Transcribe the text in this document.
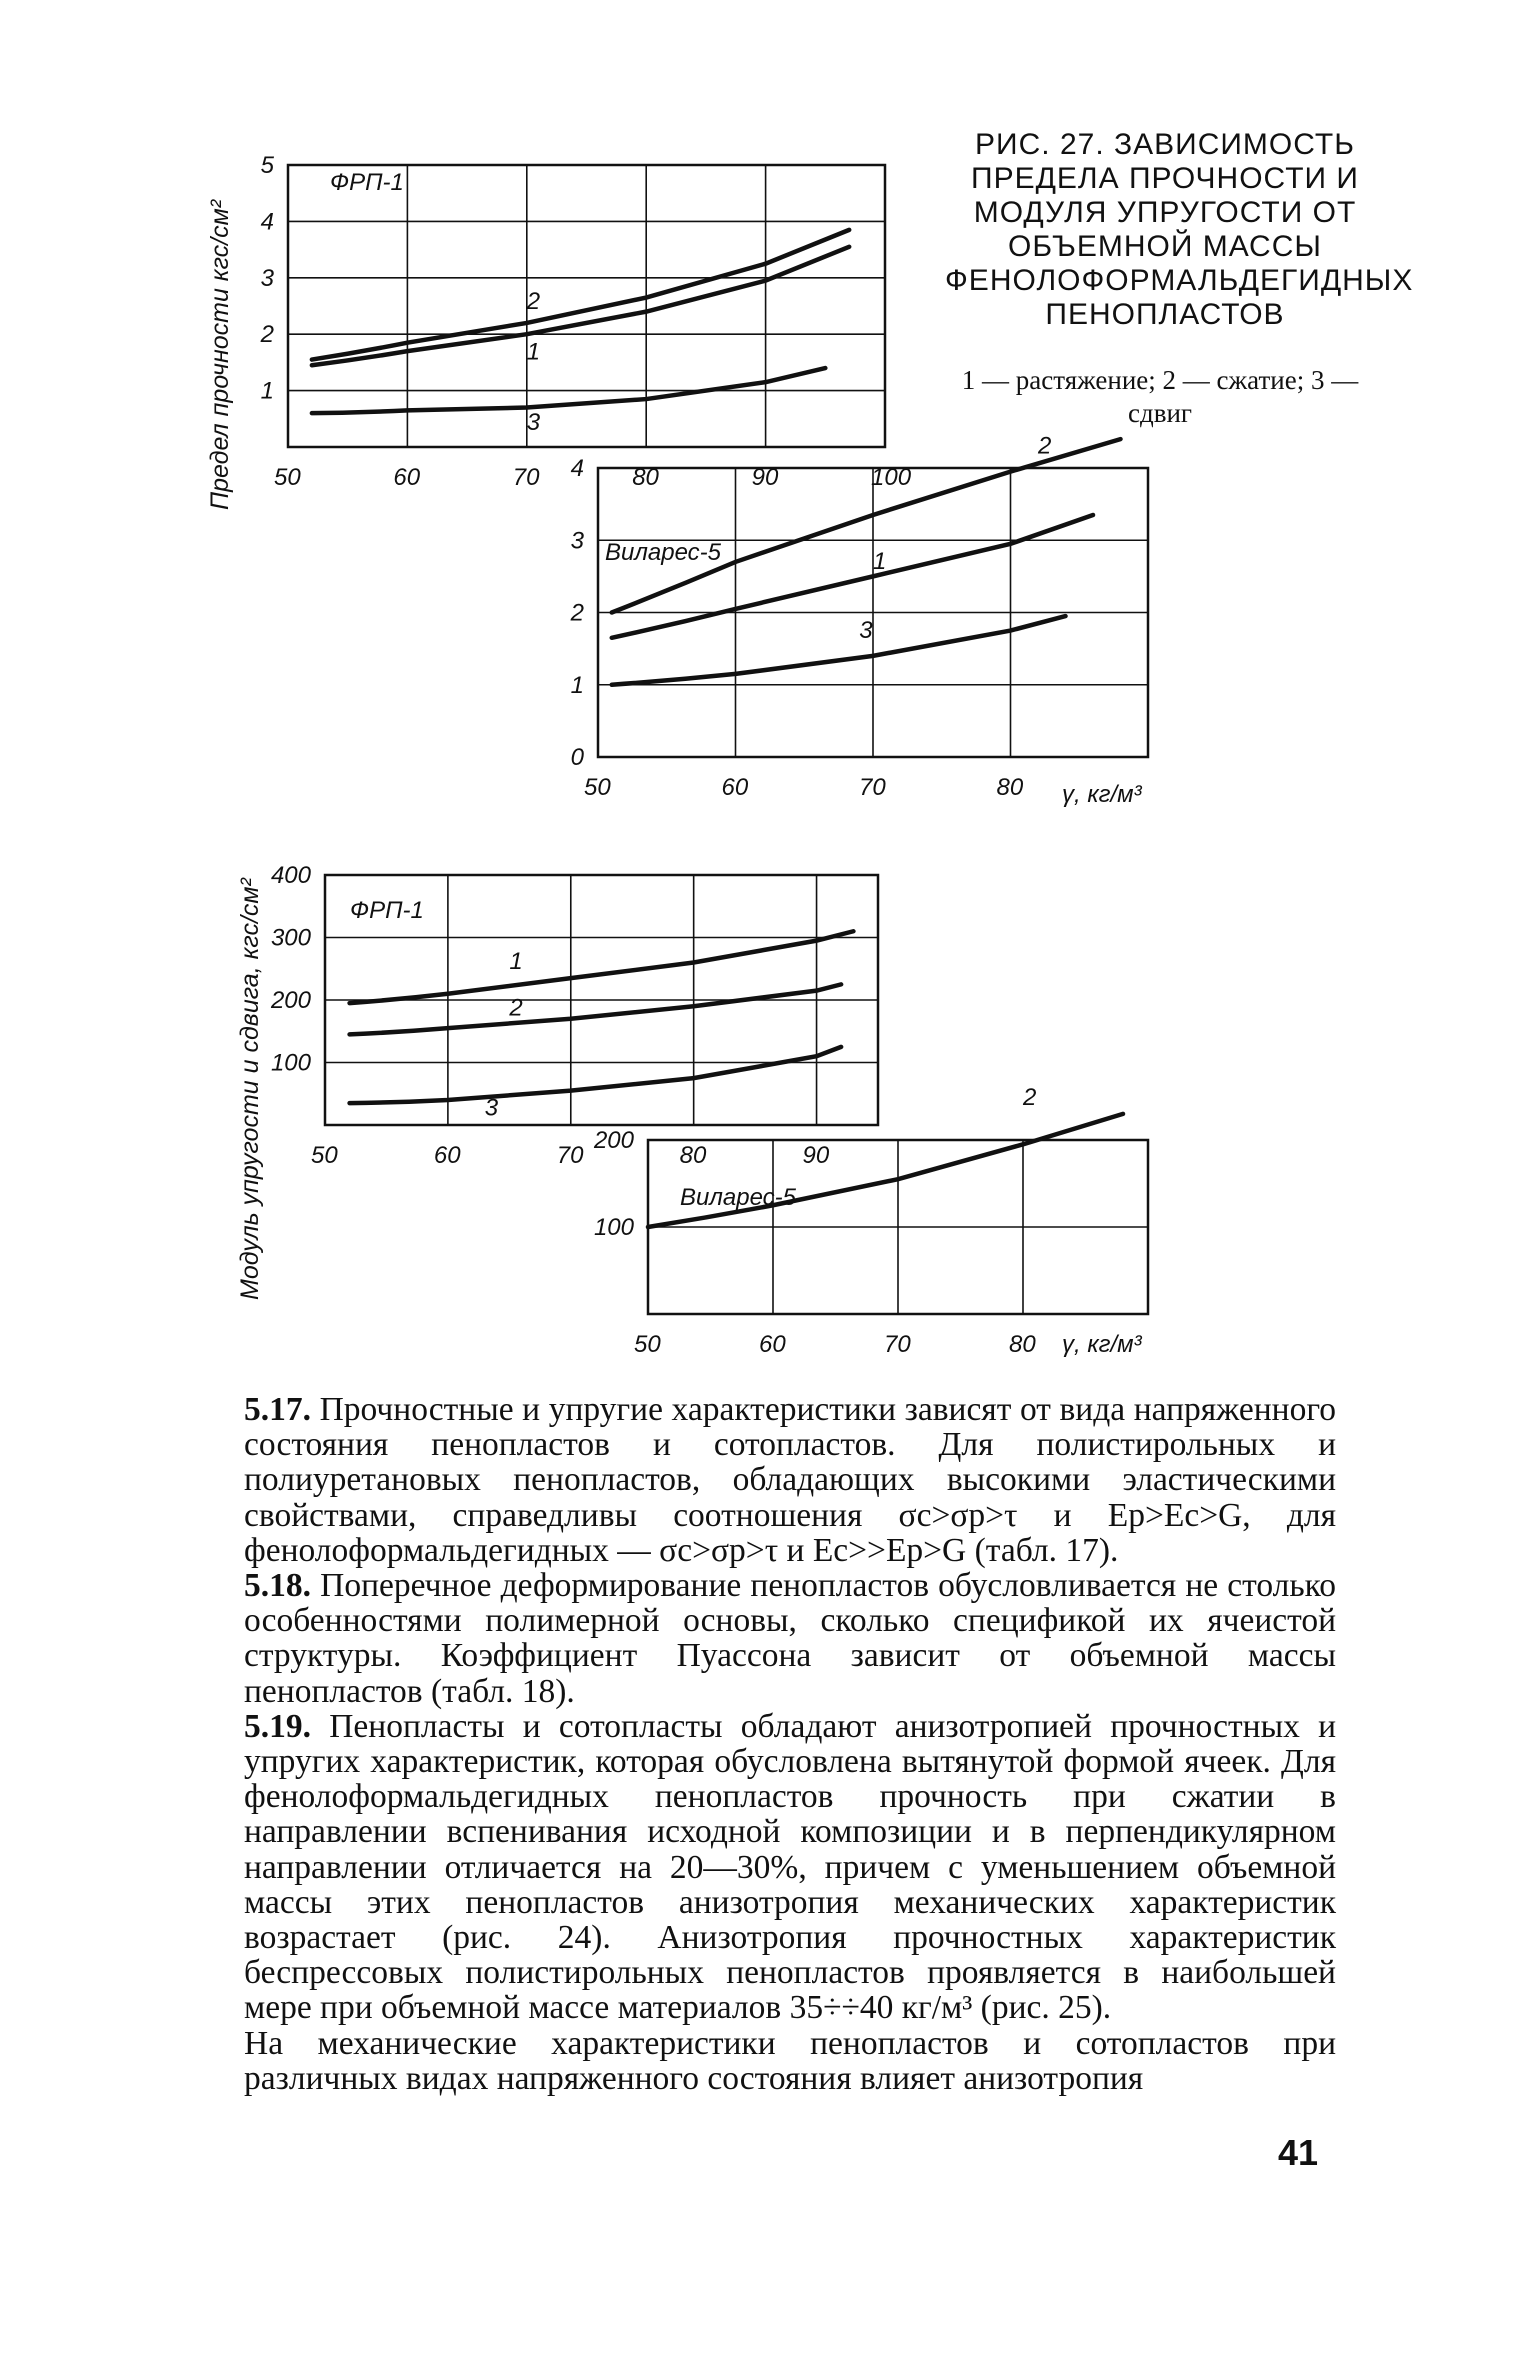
50	60	70	80	90	100
1
2
3
4
5
ФРП-1
1
2
3
50	60	70	80
0
1
2
3
4
Виларес-5
γ, кг/м³
2
1
3
50	60	70	80	90
100
200
300
400
ФРП-1
1
2
3
50	60	70	80
100
200
Виларес-5
γ, кг/м³
2
Предел прочности кгс/см²
Модуль упругости и сдвига, кгс/см²
РИС. 27. ЗАВИСИМОСТЬ ПРЕДЕЛА ПРОЧНОСТИ И МОДУЛЯ УПРУГОСТИ ОТ ОБЪЕМНОЙ МАССЫ ФЕНОЛОФОРМАЛЬДЕГИДНЫХ ПЕНОПЛАСТОВ
1 — растяжение; 2 — сжатие; 3 — сдвиг

5.17. Прочностные и упругие характеристики зависят от вида напряженного состояния пенопластов и сотопластов. Для полистирольных и полиуретановых пенопластов, обладающих высокими эластическими свойствами, справедливы соотношения σc>σp>τ и Ep>Ec>G, для фенолоформальдегидных — σc>σp>τ и Ec>>Ep>G (табл. 17).

5.18. Поперечное деформирование пенопластов обусловливается не столько особенностями полимерной основы, сколько спецификой их ячеистой структуры. Коэффициент Пуассона зависит от объемной массы пенопластов (табл. 18).

5.19. Пенопласты и сотопласты обладают анизотропией прочностных и упругих характеристик, которая обусловлена вытянутой формой ячеек. Для фенолоформальдегидных пенопластов прочность при сжатии в направлении вспенивания исходной композиции и в перпендикулярном направлении отличается на 20—30%, причем с уменьшением объемной массы этих пенопластов анизотропия механических характеристик возрастает (рис. 24). Анизотропия прочностных характеристик беспрессовых полистирольных пенопластов проявляется в наибольшей мере при объемной массе материалов 35÷÷40 кг/м³ (рис. 25).

На механические характеристики пенопластов и сотопластов при различных видах напряженного состояния влияет анизотропия

41
